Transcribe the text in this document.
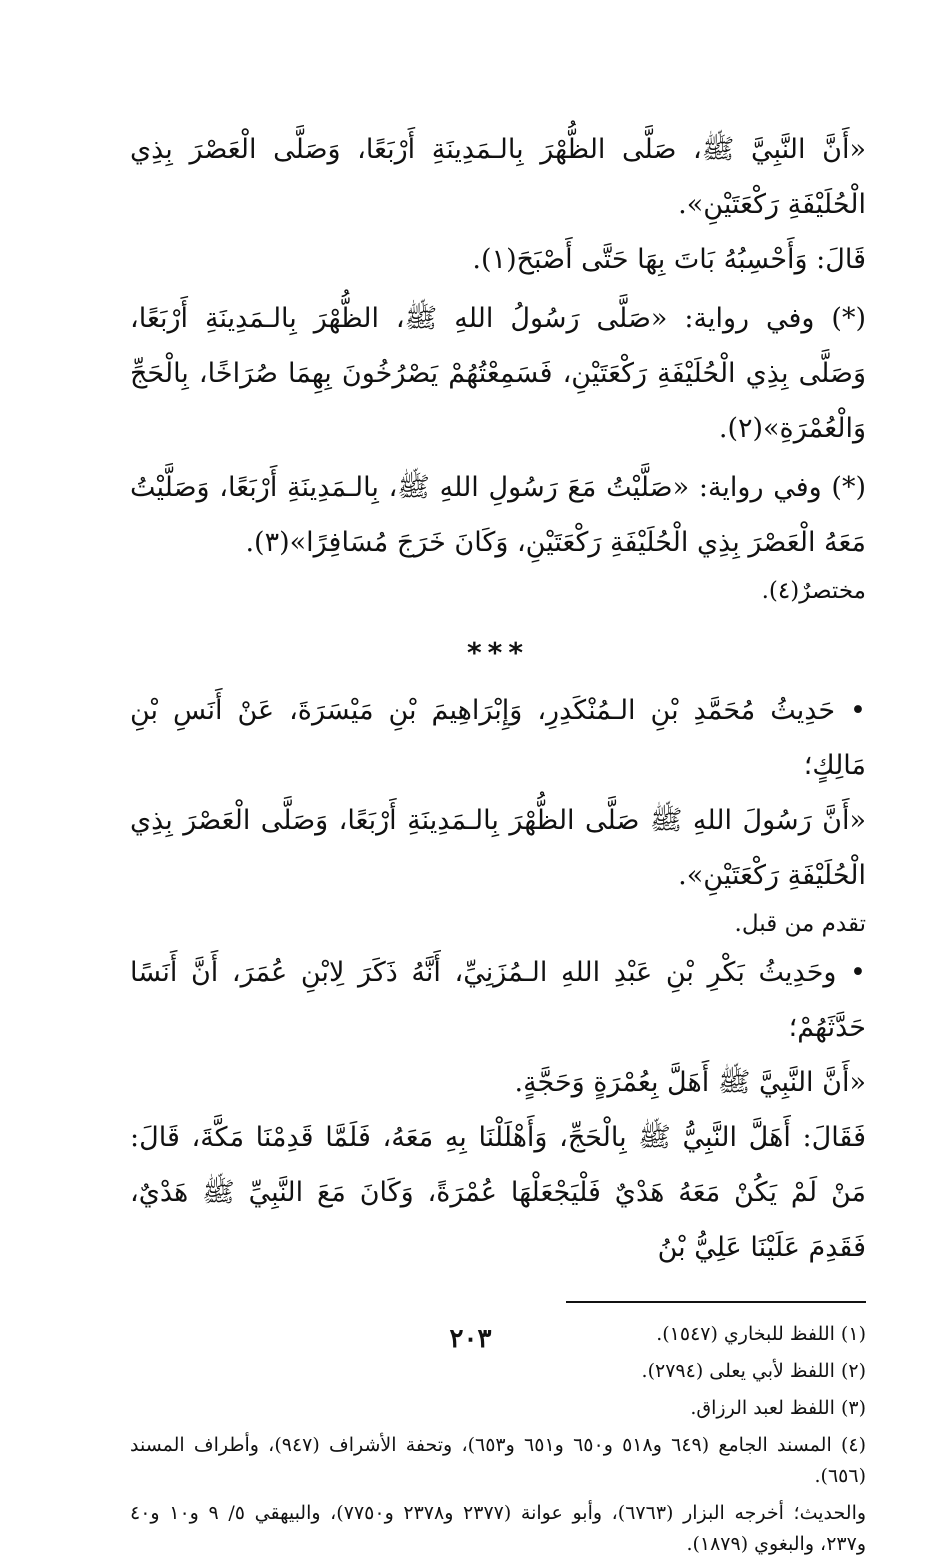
«أَنَّ النَّبِيَّ ﷺ، صَلَّى الظُّهْرَ بِالـمَدِينَةِ أَرْبَعًا، وَصَلَّى الْعَصْرَ بِذِي الْحُلَيْفَةِ رَكْعَتَيْنِ».

قَالَ: وَأَحْسِبُهُ بَاتَ بِهَا حَتَّى أَصْبَحَ(١).

(*) وفي رواية: «صَلَّى رَسُولُ اللهِ ﷺ، الظُّهْرَ بِالـمَدِينَةِ أَرْبَعًا، وَصَلَّى بِذِي الْحُلَيْفَةِ رَكْعَتَيْنِ، فَسَمِعْتُهُمْ يَصْرُخُونَ بِهِمَا صُرَاخًا، بِالْحَجِّ وَالْعُمْرَةِ»(٢).

(*) وفي رواية: «صَلَّيْتُ مَعَ رَسُولِ اللهِ ﷺ، بِالـمَدِينَةِ أَرْبَعًا، وَصَلَّيْتُ مَعَهُ الْعَصْرَ بِذِي الْحُلَيْفَةِ رَكْعَتَيْنِ، وَكَانَ خَرَجَ مُسَافِرًا»(٣).

مختصرٌ(٤).

***

• حَدِيثُ مُحَمَّدِ بْنِ الـمُنْكَدِرِ، وَإِبْرَاهِيمَ بْنِ مَيْسَرَةَ، عَنْ أَنَسِ بْنِ مَالِكٍ؛

«أَنَّ رَسُولَ اللهِ ﷺ صَلَّى الظُّهْرَ بِالـمَدِينَةِ أَرْبَعًا، وَصَلَّى الْعَصْرَ بِذِي الْحُلَيْفَةِ رَكْعَتَيْنِ».

تقدم من قبل.

• وحَدِيثُ بَكْرِ بْنِ عَبْدِ اللهِ الـمُزَنِيِّ، أَنَّهُ ذَكَرَ لِابْنِ عُمَرَ، أَنَّ أَنَسًا حَدَّثَهُمْ؛

«أَنَّ النَّبِيَّ ﷺ أَهَلَّ بِعُمْرَةٍ وَحَجَّةٍ.

فَقَالَ: أَهَلَّ النَّبِيُّ ﷺ بِالْحَجِّ، وَأَهْلَلْنَا بِهِ مَعَهُ، فَلَمَّا قَدِمْنَا مَكَّةَ، قَالَ: مَنْ لَمْ يَكُنْ مَعَهُ هَدْيٌ فَلْيَجْعَلْهَا عُمْرَةً، وَكَانَ مَعَ النَّبِيِّ ﷺ هَدْيٌ، فَقَدِمَ عَلَيْنَا عَلِيُّ بْنُ

(١) اللفظ للبخاري (١٥٤٧).

(٢) اللفظ لأبي يعلى (٢٧٩٤).

(٣) اللفظ لعبد الرزاق.

(٤) المسند الجامع (٦٤٩ و٥١٨ و٦٥٠ و٦٥١ و٦٥٣)، وتحفة الأشراف (٩٤٧)، وأطراف المسند (٦٥٦).

والحديث؛ أخرجه البزار (٦٧٦٣)، وأبو عوانة (٢٣٧٧ و٢٣٧٨ و٧٧٥٠)، والبيهقي ٥/ ٩ و١٠ و٤٠ و٢٣٧، والبغوي (١٨٧٩).

٢٠٣
